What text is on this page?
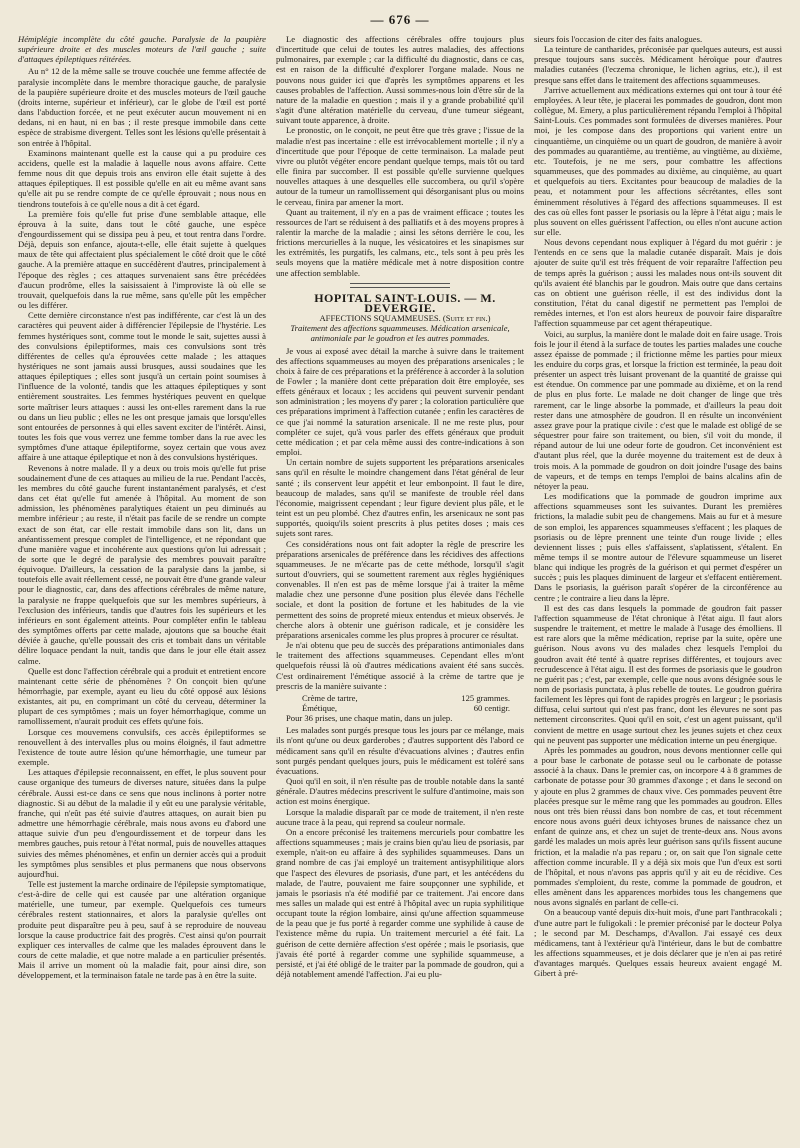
— 676 —

Hémiplégie incomplète du côté gauche. Paralysie de la paupière supérieure droite et des muscles moteurs de l'œil gauche ; suite d'attaques épileptiques réitérées.

Au n° 12 de la même salle se trouve couchée une femme affectée de paralysie incomplète dans le membre thoracique gauche, de paralysie de la paupière supérieure droite et des muscles moteurs de l'œil gauche (droits interne, supérieur et inférieur), car le globe de l'œil est porté dans l'abduction forcée, et ne peut exécuter aucun mouvement ni en dedans, ni en haut, ni en bas ; il reste presque immobile dans cette espèce de strabisme divergent. Telles sont les lésions qu'elle présentait à son entrée à l'hôpital.

Examinons maintenant quelle est la cause qui a pu produire ces accidens, quelle est la maladie à laquelle nous avons affaire. Cette femme nous dit que depuis trois ans environ elle était sujette à des attaques épileptiques. Il est possible qu'elle en ait eu même avant sans qu'elle ait pu se rendre compte de ce qu'elle éprouvait ; nous nous en tiendrons toutefois à ce qu'elle nous a dit à cet égard.

La première fois qu'elle fut prise d'une semblable attaque, elle éprouva à la suite, dans tout le côté gauche, une espèce d'engourdissement qui se dissipa peu à peu, et tout rentra dans l'ordre. Déjà, depuis son enfance, ajouta-t-elle, elle était sujette à quelques maux de tête qui affectaient plus spécialement le côté droit que le côté gauche. A la première attaque en succédèrent d'autres, principalement à l'époque des règles ; ces attaques survenaient sans être précédées d'aucun prodrôme, elles la saisissaient à l'improviste là où elle se trouvait, quelquefois dans la rue même, sans qu'elle pût les empêcher ou les différer.

Cette dernière circonstance n'est pas indifférente, car c'est là un des caractères qui peuvent aider à différencier l'épilepsie de l'hystérie. Les femmes hystériques sont, comme tout le monde le sait, sujettes aussi à des convulsions épileptiformes, mais ces convulsions sont très différentes de celles qu'a éprouvées cette malade ; les attaques hystériques ne sont jamais aussi brusques, aussi soudaines que les attaques épileptiques ; elles sont jusqu'à un certain point soumises à l'influence de la volonté, tandis que les attaques épileptiques y sont entièrement soustraites. Les femmes hystériques peuvent en quelque sorte maîtriser leurs attaques : aussi les ont-elles rarement dans la rue ou dans un lieu public ; elles ne les ont presque jamais que lorsqu'elles sont entourées de personnes à qui elles savent exciter de l'intérêt. Ainsi, toutes les fois que vous verrez une femme tomber dans la rue avec les symptômes d'une attaque épileptiforme, soyez certain que vous avez affaire à une attaque épileptique et non à des convulsions hystériques.

Revenons à notre malade. Il y a deux ou trois mois qu'elle fut prise soudainement d'une de ces attaques au milieu de la rue. Pendant l'accès, les membres du côté gauche furent instantanément paralysés, et c'est dans cet état qu'elle fut amenée à l'hôpital. Au moment de son admission, les phénomènes paralytiques étaient un peu diminués au membre inférieur ; au reste, il n'était pas facile de se rendre un compte exact de son état, car elle restait immobile dans son lit, dans un anéantissement presque complet de l'intelligence, et ne répondant que d'une manière vague et incohérente aux questions qu'on lui adressait ; de sorte que le degré de paralysie des membres pouvait paraître équivoque. D'ailleurs, la cessation de la paralysie dans la jambe, si toutefois elle avait réellement cessé, ne pouvait être d'une grande valeur pour le diagnostic, car, dans des affections cérébrales de même nature, la paralysie ne frappe quelquefois que sur les membres supérieurs, à l'exclusion des inférieurs, tandis que d'autres fois les supérieurs et les inférieurs en sont également atteints. Pour compléter enfin le tableau des symptômes offerts par cette malade, ajoutons que sa bouche était déviée à gauche, qu'elle poussait des cris et tombait dans un véritable délire loquace pendant la nuit, tandis que dans le jour elle était assez calme.

Quelle est donc l'affection cérébrale qui a produit et entretient encore maintenant cette série de phénomènes ? On conçoit bien qu'une hémorrhagie, par exemple, ayant eu lieu du côté opposé aux lésions existantes, ait pu, en comprimant un côté du cerveau, déterminer la plupart de ces symptômes ; mais un foyer hémorrhagique, comme un ramollissement, n'aurait produit ces effets qu'une fois.

Lorsque ces mouvemens convulsifs, ces accès épileptiformes se renouvellent à des intervalles plus ou moins éloignés, il faut admettre l'existence de toute autre lésion qu'une hémorrhagie, une tumeur par exemple.

Les attaques d'épilepsie reconnaissent, en effet, le plus souvent pour cause organique des tumeurs de diverses nature, situées dans la pulpe cérébrale. Aussi est-ce dans ce sens que nous inclinons à porter notre diagnostic. Si au début de la maladie il y eût eu une paralysie véritable, franche, qui n'eût pas été suivie d'autres attaques, on aurait bien pu admettre une hémorrhagie cérébrale, mais nous avons eu d'abord une attaque suivie d'un peu d'engourdissement et de torpeur dans les membres gauches, puis retour à l'état normal, puis de nouvelles attaques suivies des mêmes phénomènes, et enfin un dernier accès qui a produit les symptômes plus sensibles et plus permanens que nous observons aujourd'hui.

Telle est justement la marche ordinaire de l'épilepsie symptomatique, c'est-à-dire de celle qui est causée par une altération organique matérielle, une tumeur, par exemple. Quelquefois ces tumeurs cérébrales restent stationnaires, et alors la paralysie qu'elles ont produite peut disparaître peu à peu, sauf à se reproduire de nouveau lorsque la cause productrice fait des progrès. C'est ainsi qu'on pourrait expliquer ces intervalles de calme que les malades éprouvent dans le cours de cette maladie, et que notre malade a en particulier présentés. Mais il arrive un moment où la maladie fait, pour ainsi dire, son développement, et la terminaison fatale ne tarde pas à en être la suite.

Le diagnostic des affections cérébrales offre toujours plus d'incertitude que celui de toutes les autres maladies, des affections pulmonaires, par exemple ; car la difficulté du diagnostic, dans ce cas, est en raison de la difficulté d'explorer l'organe malade. Nous ne pouvons nous guider ici que d'après les symptômes apparens et les causes probables de l'affection. Aussi sommes-nous loin d'être sûr de la nature de la maladie en question ; mais il y a grande probabilité qu'il s'agit d'une altération matérielle du cerveau, d'une tumeur siégeant, suivant toute apparence, à droite.

Le pronostic, on le conçoit, ne peut être que très grave ; l'issue de la maladie n'est pas incertaine : elle est irrévocablement mortelle ; il n'y a d'incertitude que pour l'époque de cette terminaison. La malade peut vivre ou plutôt végéter encore pendant quelque temps, mais tôt ou tard elle finira par succomber. Il est possible qu'elle survienne quelques nouvelles attaques à une desquelles elle succombera, ou qu'il s'opère autour de la tumeur un ramollissement qui désorganisant plus ou moins le cerveau, finira par amener la mort.

Quant au traitement, il n'y en a pas de vraiment efficace ; toutes les ressources de l'art se réduisent à des palliatifs et à des moyens propres à ralentir la marche de la maladie ; ainsi les sétons derrière le cou, les frictions mercurielles à la nuque, les vésicatoires et les sinapismes sur les extrémités, les purgatifs, les calmans, etc., tels sont à peu près les seuls moyens que la matière médicale met à notre disposition contre une affection semblable.

HOPITAL SAINT-LOUIS. — M. DEVERGIE.

AFFECTIONS SQUAMMEUSES. (Suite et fin.)

Traitement des affections squammeuses. Médication arsenicale, antimoniale par le goudron et les autres pommades.

Je vous ai exposé avec détail la marche à suivre dans le traitement des affections squammeuses au moyen des préparations arsenicales ; le choix à faire de ces préparations et la préférence à accorder à la solution de Fowler ; la manière dont cette préparation doit être employée, ses effets généraux et locaux ; les accidens qui peuvent survenir pendant son administration ; les moyens d'y parer ; la coloration particulière que ces préparations impriment à l'affection cutanée ; enfin les caractères de ce que j'ai nommé la saturation arsenicale. Il ne me reste plus, pour compléter ce sujet, qu'à vous parler des effets généraux que produit cette médication ; et par cela même aussi des contre-indications à son emploi.

Un certain nombre de sujets supportent les préparations arsenicales sans qu'il en résulte le moindre changement dans l'état général de leur santé ; ils conservent leur appétit et leur embonpoint. Il faut le dire, beaucoup de malades, sans qu'il se manifeste de trouble réel dans l'économie, maigrissent cependant ; leur figure devient plus pâle, et le teint est un peu plombé. Chez d'autres enfin, les arsenicaux ne sont pas supportés, quoiqu'ils soient prescrits à plus petites doses ; mais ces sujets sont rares.

Ces considérations nous ont fait adopter la règle de prescrire les préparations arsenicales de préférence dans les récidives des affections squammeuses. Je ne m'écarte pas de cette méthode, lorsqu'il s'agit surtout d'ouvriers, qui se soumettent rarement aux règles hygiéniques convenables. Il n'en est pas de même lorsque j'ai à traiter la même maladie chez une personne d'une position plus élevée dans l'échelle sociale, et dont la position de fortune et les habitudes de la vie permettent des soins de propreté mieux entendus et mieux observés. Je cherche alors à obtenir une guérison radicale, et je considère les préparations arsenicales comme les plus propres à procurer ce résultat.

Je n'ai obtenu que peu de succès des préparations antimoniales dans le traitement des affections squammeuses. Cependant elles m'ont quelquefois réussi là où d'autres médications avaient été sans succès. C'est ordinairement l'émétique associé à la crème de tartre que je prescris de la manière suivante :

Crème de tartre,	125 grammes.
Émétique,	60 centigr.

Pour 36 prises, une chaque matin, dans un julep.

Les malades sont purgés presque tous les jours par ce mélange, mais ils n'ont qu'une ou deux garderobes ; d'autres supportent dès l'abord ce médicament sans qu'il en résulte d'évacuations alvines ; d'autres enfin sont purgés pendant quelques jours, puis le médicament est toléré sans évacuations.

Quoi qu'il en soit, il n'en résulte pas de trouble notable dans la santé générale. D'autres médecins prescrivent le sulfure d'antimoine, mais son action est moins énergique.

Lorsque la maladie disparaît par ce mode de traitement, il n'en reste aucune trace à la peau, qui reprend sa couleur normale.

On a encore préconisé les traitemens mercuriels pour combattre les affections squammeuses ; mais je crains bien qu'au lieu de psoriasis, par exemple, n'ait-on eu affaire à des syphilides squammeuses. Dans un grand nombre de cas j'ai employé un traitement antisyphilitique alors que l'aspect des élevures de psoriasis, d'une part, et les antécédens du malade, de l'autre, pouvaient me faire soupçonner une syphilide, et jamais le psoriasis n'a été modifié par ce traitement. J'ai encore dans mes salles un malade qui est entré à l'hôpital avec un rupia syphilitique occupant toute la région lombaire, ainsi qu'une affection squammeuse de la peau que je fus porté à regarder comme une syphilide à cause de l'existence même du rupia. Un traitement mercuriel a été fait. La guérison de cette dernière affection s'est opérée ; mais le psoriasis, que j'avais été porté à regarder comme une syphilide squammeuse, a persisté, et j'ai été obligé de le traiter par la pommade de goudron, qui a déjà notablement amendé l'affection. J'ai eu plu-

sieurs fois l'occasion de citer des faits analogues.

La teinture de cantharides, préconisée par quelques auteurs, est aussi presque toujours sans succès. Médicament héroïque pour d'autres maladies cutanées (l'eczema chronique, le lichen agrius, etc.), il est presque sans effet dans le traitement des affections squammeuses.

J'arrive actuellement aux médications externes qui ont tour à tour été employées. A leur tête, je placerai les pommades de goudron, dont mon collègue, M. Emery, a plus particulièrement répandu l'emploi à l'hôpital Saint-Louis. Ces pommades sont formulées de diverses manières. Pour moi, je les compose dans des proportions qui varient entre un cinquantième, un cinquième ou un quart de goudron, de manière à avoir des pommades au quarantième, au trentième, au vingtième, au dixième, etc. Toutefois, je ne me sers, pour combattre les affections squammeuses, que des pommades au dixième, au cinquième, au quart et quelquefois au tiers. Excitantes pour beaucoup de maladies de la peau, et notamment pour les affections sécrétantes, elles sont éminemment résolutives à l'égard des affections squammeuses. Il est des cas où elles font passer le psoriasis ou la lèpre à l'état aigu ; mais le plus souvent on elles guérissent l'affection, ou elles n'ont aucune action sur elle.

Nous devons cependant nous expliquer à l'égard du mot guérir : je l'entends en ce sens que la maladie cutanée disparaît. Mais je dois ajouter de suite qu'il est très fréquent de voir reparaître l'affection peu de temps après la guérison ; aussi les malades nous ont-ils souvent dit qu'ils avaient été blanchis par le goudron. Mais outre que dans certains cas on obtient une guérison réelle, il est des individus dont la constitution, l'état du canal digestif ne permettent pas l'emploi de remèdes internes, et l'on est alors heureux de pouvoir faire disparaître l'affection squammeuse par cet agent thérapeutique.

Voici, au surplus, la manière dont le malade doit en faire usage. Trois fois le jour il étend à la surface de toutes les parties malades une couche assez épaisse de pommade ; il frictionne même les parties pour mieux les enduire du corps gras, et lorsque la friction est terminée, la peau doit présenter un aspect très luisant provenant de la quantité de graisse qui est étendue. On commence par une pommade au dixième, et on la rend de plus en plus forte. Le malade ne doit changer de linge que très rarement, car le linge absorbe la pommade, et d'ailleurs la peau doit rester dans une atmosphère de goudron. Il en résulte un inconvénient assez grave pour la pratique civile : c'est que le malade est obligé de se séquestrer pour faire son traitement, ou bien, s'il voit du monde, il répand autour de lui une odeur forte de goudron. Cet inconvénient est d'autant plus réel, que la durée moyenne du traitement est de deux à trois mois. A la pommade de goudron on doit joindre l'usage des bains de vapeurs, et de temps en temps l'emploi de bains alcalins afin de nétoyer la peau.

Les modifications que la pommade de goudron imprime aux affections squammeuses sont les suivantes. Durant les premières frictions, la maladie subit peu de changemens. Mais au fur et à mesure de son emploi, les apparences squammeuses s'effacent ; les plaques de psoriasis ou de lèpre prennent une teinte d'un rouge livide ; elles deviennent lisses ; puis elles s'affaissent, s'aplatissent, s'étalent. En même temps il se montre autour de l'élevure squammeuse un liseret blanc qui indique les progrès de la guérison et qui permet d'espérer un succès ; puis les plaques diminuent de largeur et s'effacent entièrement. Dans le psoriasis, la guérison paraît s'opérer de la circonférence au centre ; le contraire a lieu dans la lèpre.

Il est des cas dans lesquels la pommade de goudron fait passer l'affection squammeuse de l'état chronique à l'état aigu. Il faut alors suspendre le traitement, et mettre le malade à l'usage des émolliens. Il est rare alors que la même médication, reprise par la suite, opère une guérison. Nous avons vu des malades chez lesquels l'emploi du goudron avait été tenté à quatre reprises différentes, et toujours avec recrudescence à l'état aigu. Il est des formes de psoriasis que le goudron ne guérit pas ; c'est, par exemple, celle que nous avons désignée sous le nom de psoriasis punctata, à plus rebelle de toutes. Le goudron guérira facilement les lèpres qui font de rapides progrès en largeur ; le psoriasis diffusa, celui surtout qui n'est pas franc, dont les élevures ne sont pas nettement circonscrites. Quoi qu'il en soit, c'est un agent puissant, qu'il convient de mettre en usage surtout chez les jeunes sujets et chez ceux qui ne peuvent pas supporter une médication interne un peu énergique.

Après les pommades au goudron, nous devons mentionner celle qui a pour base le carbonate de potasse seul ou le carbonate de potasse associé à la chaux. Dans le premier cas, on incorpore 4 à 8 grammes de carbonate de potasse pour 30 grammes d'axonge ; et dans le second on y ajoute en plus 2 grammes de chaux vive. Ces pommades peuvent être placées presque sur le même rang que les pommades au goudron. Elles nous ont très bien réussi dans bon nombre de cas, et tout récemment encore nous avons guéri deux ichtyoses brunes de naissance chez un enfant de quinze ans, et chez un sujet de trente-deux ans. Nous avons gardé les malades un mois après leur guérison sans qu'ils fissent aucune friction, et la maladie n'a pas reparu ; or, on sait que l'on signale cette affection comme incurable. Il y a déjà six mois que l'un d'eux est sorti de l'hôpital, et nous n'avons pas appris qu'il y ait eu de récidive. Ces pommades s'emploient, du reste, comme la pommade de goudron, et elles amènent dans les apparences morbides tous les changemens que nous avons signalés en parlant de celle-ci.

On a beaucoup vanté depuis dix-huit mois, d'une part l'anthracokali ; d'une autre part le fuligokali : le premier préconisé par le docteur Polya ; le second par M. Deschamps, d'Avallon. J'ai essayé ces deux médicamens, tant à l'extérieur qu'à l'intérieur, dans le but de combattre les affections squammeuses, et je dois déclarer que je n'en ai pas retiré d'avantages marqués. Quelques essais heureux avaient engagé M. Gibert à pré-
